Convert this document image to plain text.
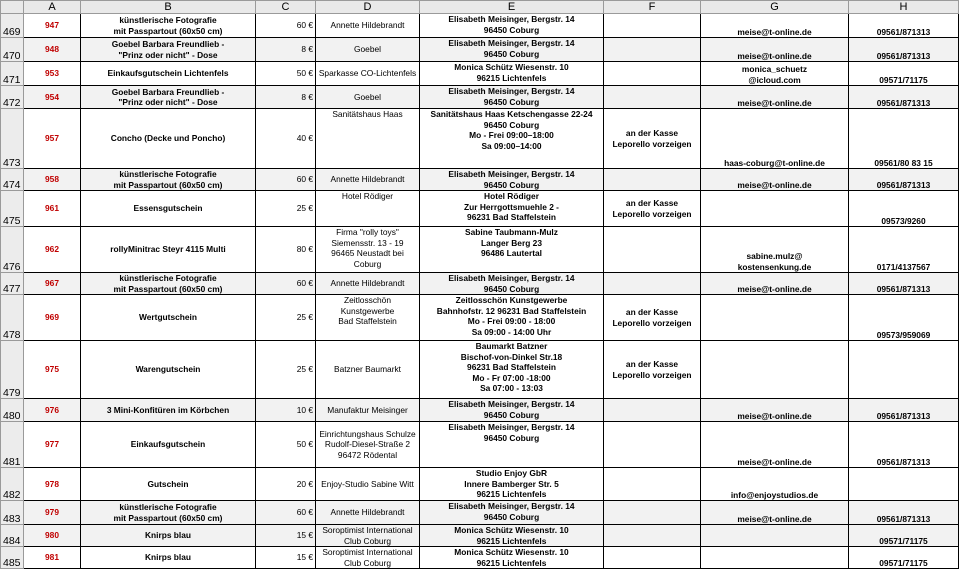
	A	B	C	D	E	F	G	H
469	947	künstlerische Fotografie
mit Passpartout (60x50 cm)	60 €	Annette Hildebrandt	Elisabeth Meisinger, Bergstr. 14
96450 Coburg		meise@t-online.de	09561/871313

470	948	Goebel Barbara Freundlieb -
"Prinz oder nicht" - Dose	8 €	Goebel	Elisabeth Meisinger, Bergstr. 14
96450 Coburg		meise@t-online.de	09561/871313

471	953	Einkaufsgutschein Lichtenfels	50 €	Sparkasse CO-Lichtenfels	Monica Schütz Wiesenstr. 10
96215 Lichtenfels		monica_schuetz
@icloud.com	09571/71175

472	954	Goebel Barbara Freundlieb -
"Prinz oder nicht" - Dose	8 €	Goebel	Elisabeth Meisinger, Bergstr. 14
96450 Coburg		meise@t-online.de	09561/871313

473	957	Concho (Decke und Poncho)	40 €	Sanitätshaus Haas	Sanitätshaus Haas Ketschengasse 22-24
96450 Coburg
Mo - Frei 09:00–18:00
Sa 09:00–14:00	an der Kasse
Leporello vorzeigen	haas-coburg@t-online.de	09561/80 83 15

474	958	künstlerische Fotografie
mit Passpartout (60x50 cm)	60 €	Annette Hildebrandt	Elisabeth Meisinger, Bergstr. 14
96450 Coburg		meise@t-online.de	09561/871313

475	961	Essensgutschein	25 €	Hotel Rödiger	Hotel Rödiger
Zur Herrgottsmuehle 2 -
96231 Bad Staffelstein	an der Kasse
Leporello vorzeigen		09573/9260

476	962	rollyMinitrac Steyr 4115 Multi	80 €	Firma "rolly toys"
Siemensstr. 13 - 19
96465 Neustadt bei
Coburg	Sabine Taubmann-Mulz
Langer Berg 23
96486 Lautertal		sabine.mulz@
kostensenkung.de	0171/4137567

477	967	künstlerische Fotografie
mit Passpartout (60x50 cm)	60 €	Annette Hildebrandt	Elisabeth Meisinger, Bergstr. 14
96450 Coburg		meise@t-online.de	09561/871313

478	969	Wertgutschein	25 €	Zeitlosschön
Kunstgewerbe
Bad Staffelstein	Zeitlosschön Kunstgewerbe
Bahnhofstr. 12 96231 Bad Staffelstein
Mo - Frei 09:00 - 18:00
Sa 09:00 - 14:00 Uhr	an der Kasse
Leporello vorzeigen		09573/959069

479	975	Warengutschein	25 €	Batzner Baumarkt	Baumarkt Batzner
Bischof-von-Dinkel Str.18
96231 Bad Staffelstein
Mo - Fr 07:00 -18:00
Sa 07:00 - 13:03	an der Kasse
Leporello vorzeigen		

480	976	3 Mini-Konfitüren im Körbchen	10 €	Manufaktur Meisinger	Elisabeth Meisinger, Bergstr. 14
96450 Coburg		meise@t-online.de	09561/871313

481	977	Einkaufsgutschein	50 €	Einrichtungshaus Schulze
Rudolf-Diesel-Straße 2
96472 Rödental	Elisabeth Meisinger, Bergstr. 14
96450 Coburg		meise@t-online.de	09561/871313

482	978	Gutschein	20 €	Enjoy-Studio Sabine Witt	Studio Enjoy GbR
Innere Bamberger Str. 5
96215 Lichtenfels		info@enjoystudios.de	

483	979	künstlerische Fotografie
mit Passpartout (60x50 cm)	60 €	Annette Hildebrandt	Elisabeth Meisinger, Bergstr. 14
96450 Coburg		meise@t-online.de	09561/871313

484	980	Knirps blau	15 €	Soroptimist International
Club Coburg	Monica Schütz Wiesenstr. 10
96215 Lichtenfels			09571/71175

485	981	Knirps blau	15 €	Soroptimist International
Club Coburg	Monica Schütz Wiesenstr. 10
96215 Lichtenfels			09571/71175
